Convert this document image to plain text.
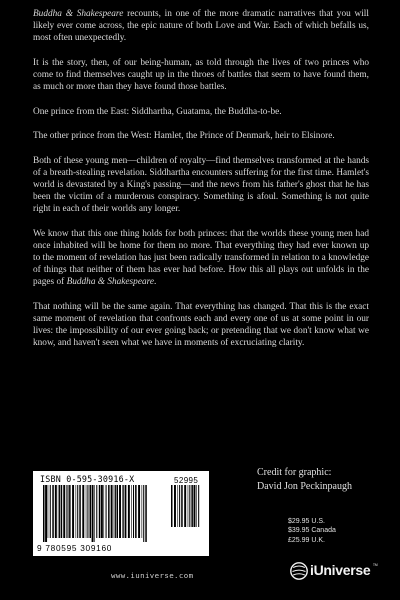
Buddha & Shakespeare recounts, in one of the more dramatic narratives that you will likely ever come across, the epic nature of both Love and War. Each of which befalls us, most often unexpectedly.

It is the story, then, of our being-human, as told through the lives of two princes who come to find themselves caught up in the throes of battles that seem to have found them, as much or more than they have found those battles.

One prince from the East: Siddhartha, Guatama, the Buddha-to-be.

The other prince from the West: Hamlet, the Prince of Denmark, heir to Elsinore.

Both of these young men—children of royalty—find themselves transformed at the hands of a breath-stealing revelation. Siddhartha encounters suffering for the first time. Hamlet's world is devastated by a King's passing—and the news from his father's ghost that he has been the victim of a murderous conspiracy. Something is afoul. Something is not quite right in each of their worlds any longer.

We know that this one thing holds for both princes: that the worlds these young men had once inhabited will be home for them no more. That everything they had ever known up to the moment of revelation has just been radically transformed in relation to a knowledge of things that neither of them has ever had before. How this all plays out unfolds in the pages of Buddha & Shakespeare.

That nothing will be the same again. That everything has changed. That this is the exact same moment of revelation that confronts each and every one of us at some point in our lives: the impossibility of our ever going back; or pretending that we don't know what we know, and haven't seen what we have in moments of excruciating clarity.

ISBN 0-595-30916-X	52995
9 780595 309160
Credit for graphic:
David Jon Peckinpaugh
$29.95 U.S.
$39.95 Canada
£25.99 U.K.
www.iuniverse.com	iUniverse TM
